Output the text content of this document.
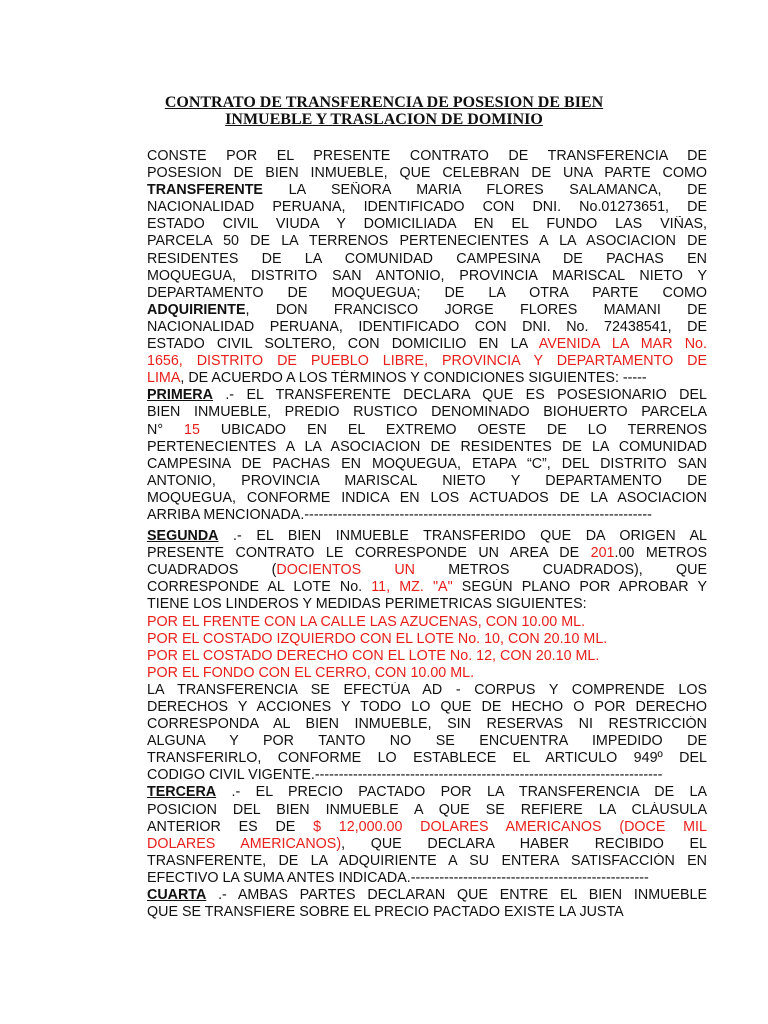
CONTRATO DE TRANSFERENCIA DE POSESION DE BIEN
INMUEBLE Y TRASLACION DE DOMINIO
CONSTE POR EL PRESENTE CONTRATO DE TRANSFERENCIA DE
POSESION DE BIEN INMUEBLE, QUE CELEBRAN DE UNA PARTE COMO
TRANSFERENTE LA SEÑORA MARIA FLORES SALAMANCA, DE
NACIONALIDAD PERUANA, IDENTIFICADO CON DNI. No.01273651, DE
ESTADO CIVIL VIUDA Y DOMICILIADA EN EL FUNDO LAS VIÑAS,
PARCELA 50 DE LA TERRENOS PERTENECIENTES A LA ASOCIACION DE
RESIDENTES DE LA COMUNIDAD CAMPESINA DE PACHAS EN
MOQUEGUA, DISTRITO SAN ANTONIO, PROVINCIA MARISCAL NIETO Y
DEPARTAMENTO DE MOQUEGUA; DE LA OTRA PARTE COMO
ADQUIRIENTE, DON FRANCISCO JORGE FLORES MAMANI DE
NACIONALIDAD PERUANA, IDENTIFICADO CON DNI. No. 72438541, DE
ESTADO CIVIL SOLTERO, CON DOMICILIO EN LA AVENIDA LA MAR No.
1656, DISTRITO DE PUEBLO LIBRE, PROVINCIA Y DEPARTAMENTO DE
LIMA, DE ACUERDO A LOS TÉRMINOS Y CONDICIONES SIGUIENTES: -----
PRIMERA .- EL TRANSFERENTE DECLARA QUE ES POSESIONARIO DEL
BIEN INMUEBLE, PREDIO RUSTICO DENOMINADO BIOHUERTO PARCELA
N° 15 UBICADO EN EL EXTREMO OESTE DE LO TERRENOS
PERTENECIENTES A LA ASOCIACION DE RESIDENTES DE LA COMUNIDAD
CAMPESINA DE PACHAS EN MOQUEGUA, ETAPA “C”, DEL DISTRITO SAN
ANTONIO, PROVINCIA MARISCAL NIETO Y DEPARTAMENTO DE
MOQUEGUA, CONFORME INDICA EN LOS ACTUADOS DE LA ASOCIACION
ARRIBA MENCIONADA.-------------------------------------------------------------------------
SEGUNDA .- EL BIEN INMUEBLE TRANSFERIDO QUE DA ORIGEN AL
PRESENTE CONTRATO LE CORRESPONDE UN AREA DE 201.00 METROS
CUADRADOS (DOCIENTOS UN METROS CUADRADOS), QUE
CORRESPONDE AL LOTE No. 11, MZ. "A" SEGÚN PLANO POR APROBAR Y
TIENE LOS LINDEROS Y MEDIDAS PERIMETRICAS SIGUIENTES:
POR EL FRENTE CON LA CALLE LAS AZUCENAS, CON 10.00 ML.
POR EL COSTADO IZQUIERDO CON EL LOTE No. 10, CON 20.10 ML.
POR EL COSTADO DERECHO CON EL LOTE No. 12, CON 20.10 ML.
POR EL FONDO CON EL CERRO, CON 10.00 ML.
LA TRANSFERENCIA SE EFECTÚA AD - CORPUS Y COMPRENDE LOS
DERECHOS Y ACCIONES Y TODO LO QUE DE HECHO O POR DERECHO
CORRESPONDA AL BIEN INMUEBLE, SIN RESERVAS NI RESTRICCIÓN
ALGUNA Y POR TANTO NO SE ENCUENTRA IMPEDIDO DE
TRANSFERIRLO, CONFORME LO ESTABLECE EL ARTICULO 949º DEL
CODIGO CIVIL VIGENTE.-------------------------------------------------------------------------
TERCERA .- EL PRECIO PACTADO POR LA TRANSFERENCIA DE LA
POSICION DEL BIEN INMUEBLE A QUE SE REFIERE LA CLÁUSULA
ANTERIOR ES DE $ 12,000.00 DOLARES AMERICANOS (DOCE MIL
DOLARES AMERICANOS), QUE DECLARA HABER RECIBIDO EL
TRASNFERENTE, DE LA ADQUIRIENTE A SU ENTERA SATISFACCIÓN EN
EFECTIVO LA SUMA ANTES INDICADA.--------------------------------------------------
CUARTA .- AMBAS PARTES DECLARAN QUE ENTRE EL BIEN INMUEBLE
QUE SE TRANSFIERE SOBRE EL PRECIO PACTADO EXISTE LA JUSTA
